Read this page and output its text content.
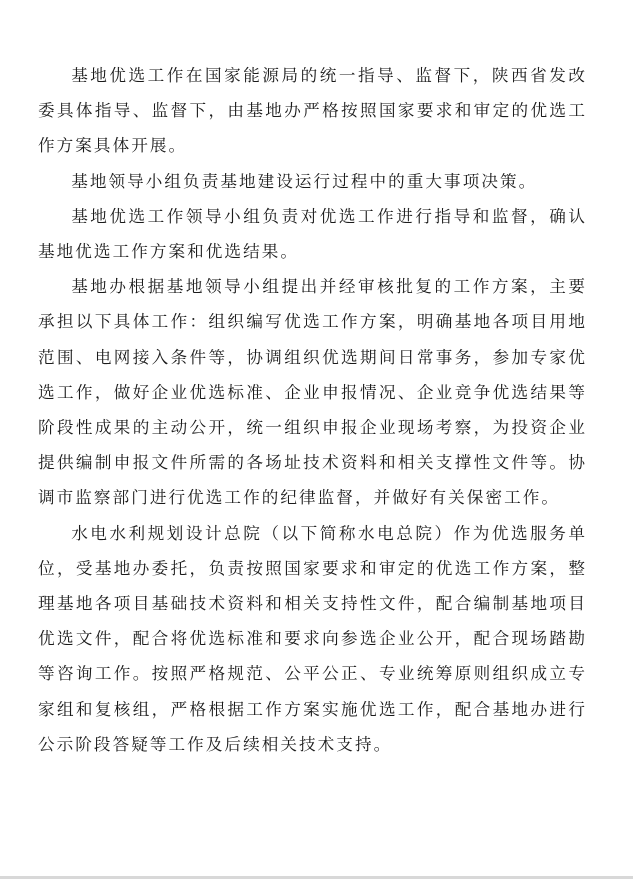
基地优选工作在国家能源局的统一指导、监督下，陕西省发改委具体指导、监督下，由基地办严格按照国家要求和审定的优选工作方案具体开展。

基地领导小组负责基地建设运行过程中的重大事项决策。

基地优选工作领导小组负责对优选工作进行指导和监督，确认基地优选工作方案和优选结果。

基地办根据基地领导小组提出并经审核批复的工作方案，主要承担以下具体工作：组织编写优选工作方案，明确基地各项目用地范围、电网接入条件等，协调组织优选期间日常事务，参加专家优选工作，做好企业优选标准、企业申报情况、企业竞争优选结果等阶段性成果的主动公开，统一组织申报企业现场考察，为投资企业提供编制申报文件所需的各场址技术资料和相关支撑性文件等。协调市监察部门进行优选工作的纪律监督，并做好有关保密工作。

水电水利规划设计总院（以下简称水电总院）作为优选服务单位，受基地办委托，负责按照国家要求和审定的优选工作方案，整理基地各项目基础技术资料和相关支持性文件，配合编制基地项目优选文件，配合将优选标准和要求向参选企业公开，配合现场踏勘等咨询工作。按照严格规范、公平公正、专业统筹原则组织成立专家组和复核组，严格根据工作方案实施优选工作，配合基地办进行公示阶段答疑等工作及后续相关技术支持。
